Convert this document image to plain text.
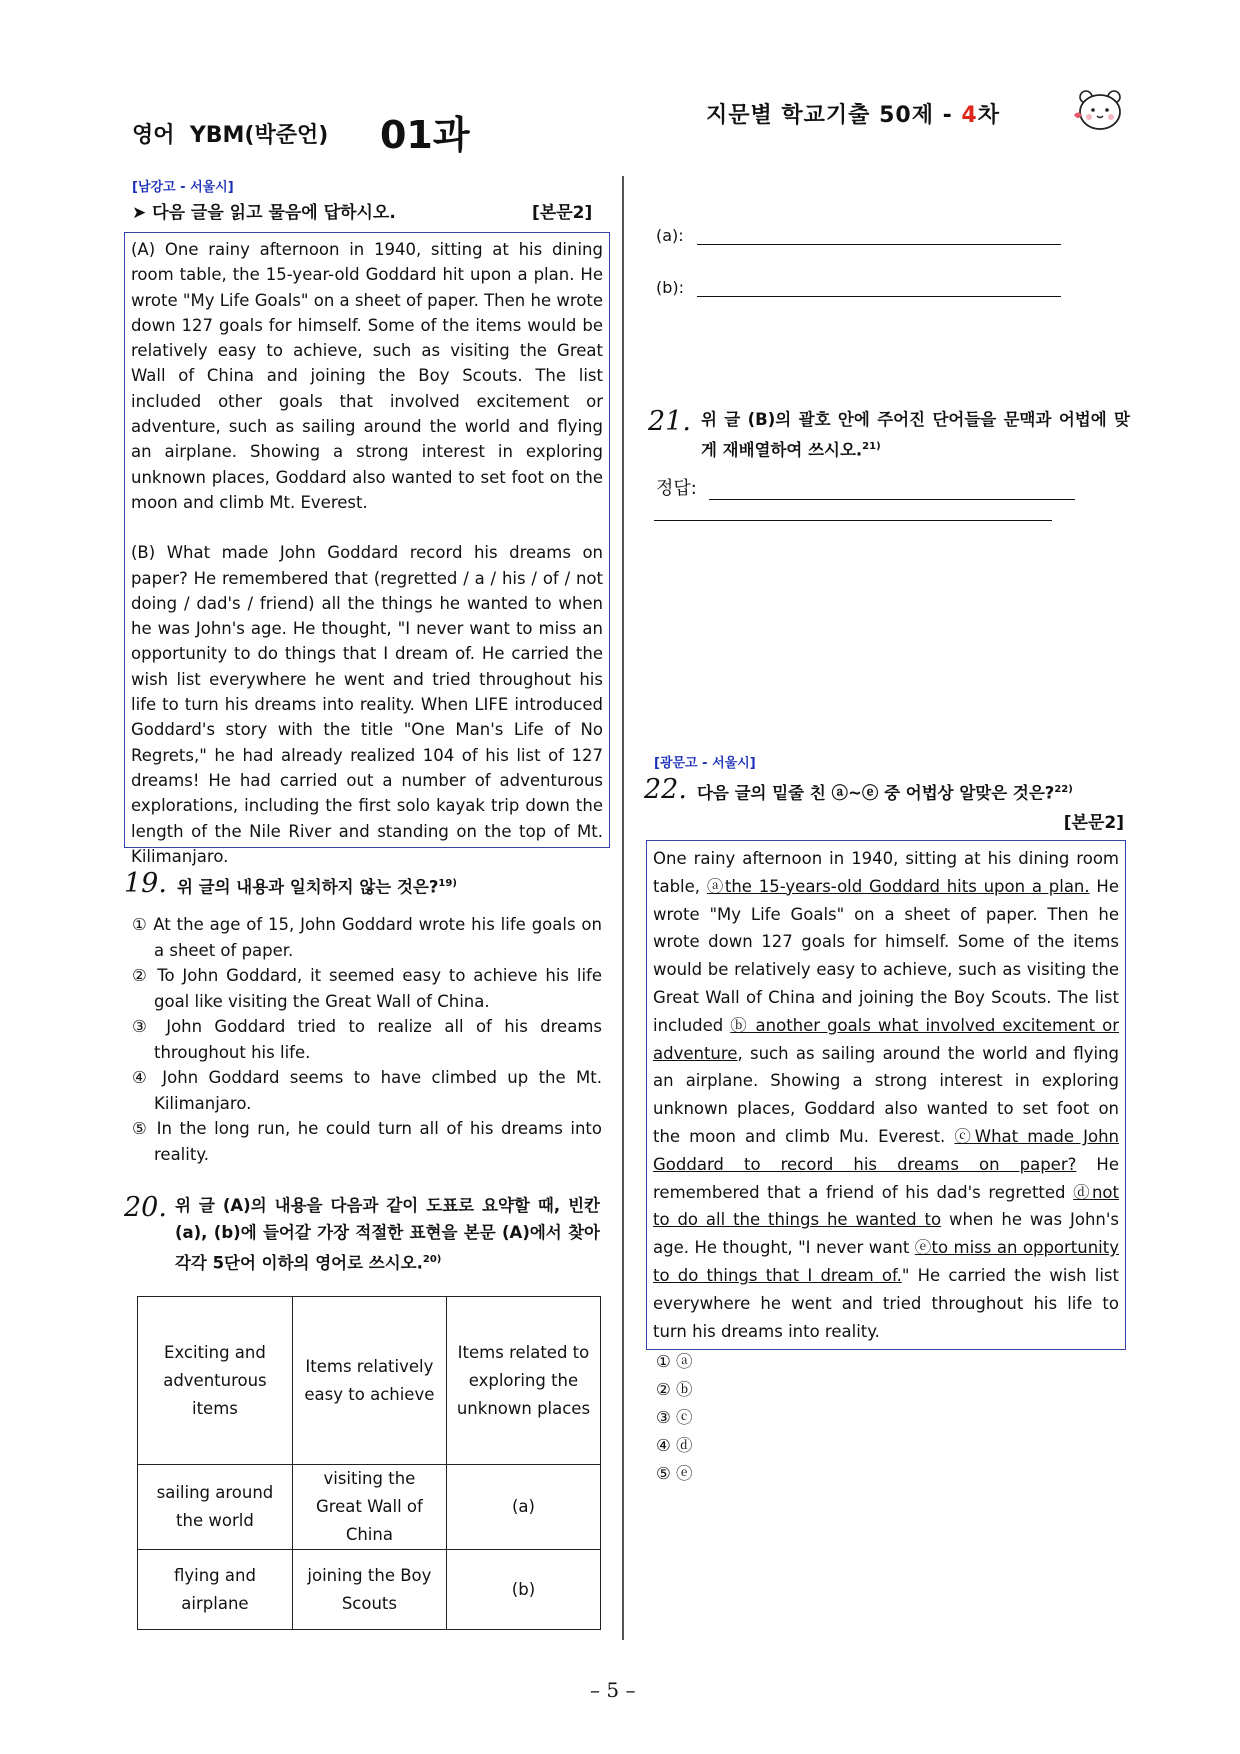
영어  YBM(박준언) 01과	지문별 학교기출 50제 - 4차
[남강고 - 서울시]
➤ 다음 글을 읽고 물음에 답하시오.	[본문2]

(A) One rainy afternoon in 1940, sitting at his dining room table, the 15-year-old Goddard hit upon a plan. He wrote "My Life Goals" on a sheet of paper. Then he wrote down 127 goals for himself. Some of the items would be relatively easy to achieve, such as visiting the Great Wall of China and joining the Boy Scouts. The list included other goals that involved excitement or adventure, such as sailing around the world and flying an airplane. Showing a strong interest in exploring unknown places, Goddard also wanted to set foot on the moon and climb Mt. Everest.

(B) What made John Goddard record his dreams on paper? He remembered that (regretted / a / his / of / not doing / dad's / friend) all the things he wanted to when he was John's age. He thought, "I never want to miss an opportunity to do things that I dream of. He carried the wish list everywhere he went and tried throughout his life to turn his dreams into reality. When LIFE introduced Goddard's story with the title "One Man's Life of No Regrets," he had already realized 104 of his list of 127 dreams! He had carried out a number of adventurous explorations, including the first solo kayak trip down the length of the Nile River and standing on the top of Mt. Kilimanjaro.

19. 위 글의 내용과 일치하지 않는 것은?$^{19)}$
① At the age of 15, John Goddard wrote his life goals on a sheet of paper.
② To John Goddard, it seemed easy to achieve his life goal like visiting the Great Wall of China.
③ John Goddard tried to realize all of his dreams throughout his life.
④ John Goddard seems to have climbed up the Mt. Kilimanjaro.
⑤ In the long run, he could turn all of his dreams into reality.
20. 위 글 (A)의 내용을 다음과 같이 도표로 요약할 때, 빈칸 (a), (b)에 들어갈 가장 적절한 표현을 본문 (A)에서 찾아 각각 5단어 이하의 영어로 쓰시오.$^{20)}$
Exciting and adventurous items	Items relatively easy to achieve	Items related to exploring the unknown places
sailing around the world	visiting the Great Wall of China	(a)
flying and airplane	joining the Boy Scouts	(b)
(a):
(b):
21. 위 글 (B)의 괄호 안에 주어진 단어들을 문맥과 어법에 맞게 재배열하여 쓰시오.$^{21)}$
정답:
[광문고 - 서울시]
22. 다음 글의 밑줄 친 ⓐ~ⓔ 중 어법상 알맞은 것은?$^{22)}$
[본문2]
One rainy afternoon in 1940, sitting at his dining room table, ⓐthe 15-years-old Goddard hits upon a plan. He wrote "My Life Goals" on a sheet of paper. Then he wrote down 127 goals for himself. Some of the items would be relatively easy to achieve, such as visiting the Great Wall of China and joining the Boy Scouts. The list included ⓑ another goals what involved excitement or adventure, such as sailing around the world and flying an airplane. Showing a strong interest in exploring unknown places, Goddard also wanted to set foot on the moon and climb Mu. Everest. ⓒWhat made John Goddard to record his dreams on paper? He remembered that a friend of his dad's regretted ⓓnot to do all the things he wanted to when he was John's age. He thought, "I never want ⓔto miss an opportunity to do things that I dream of." He carried the wish list everywhere he went and tried throughout his life to turn his dreams into reality.
① ⓐ
② ⓑ
③ ⓒ
④ ⓓ
⑤ ⓔ
– 5 –
